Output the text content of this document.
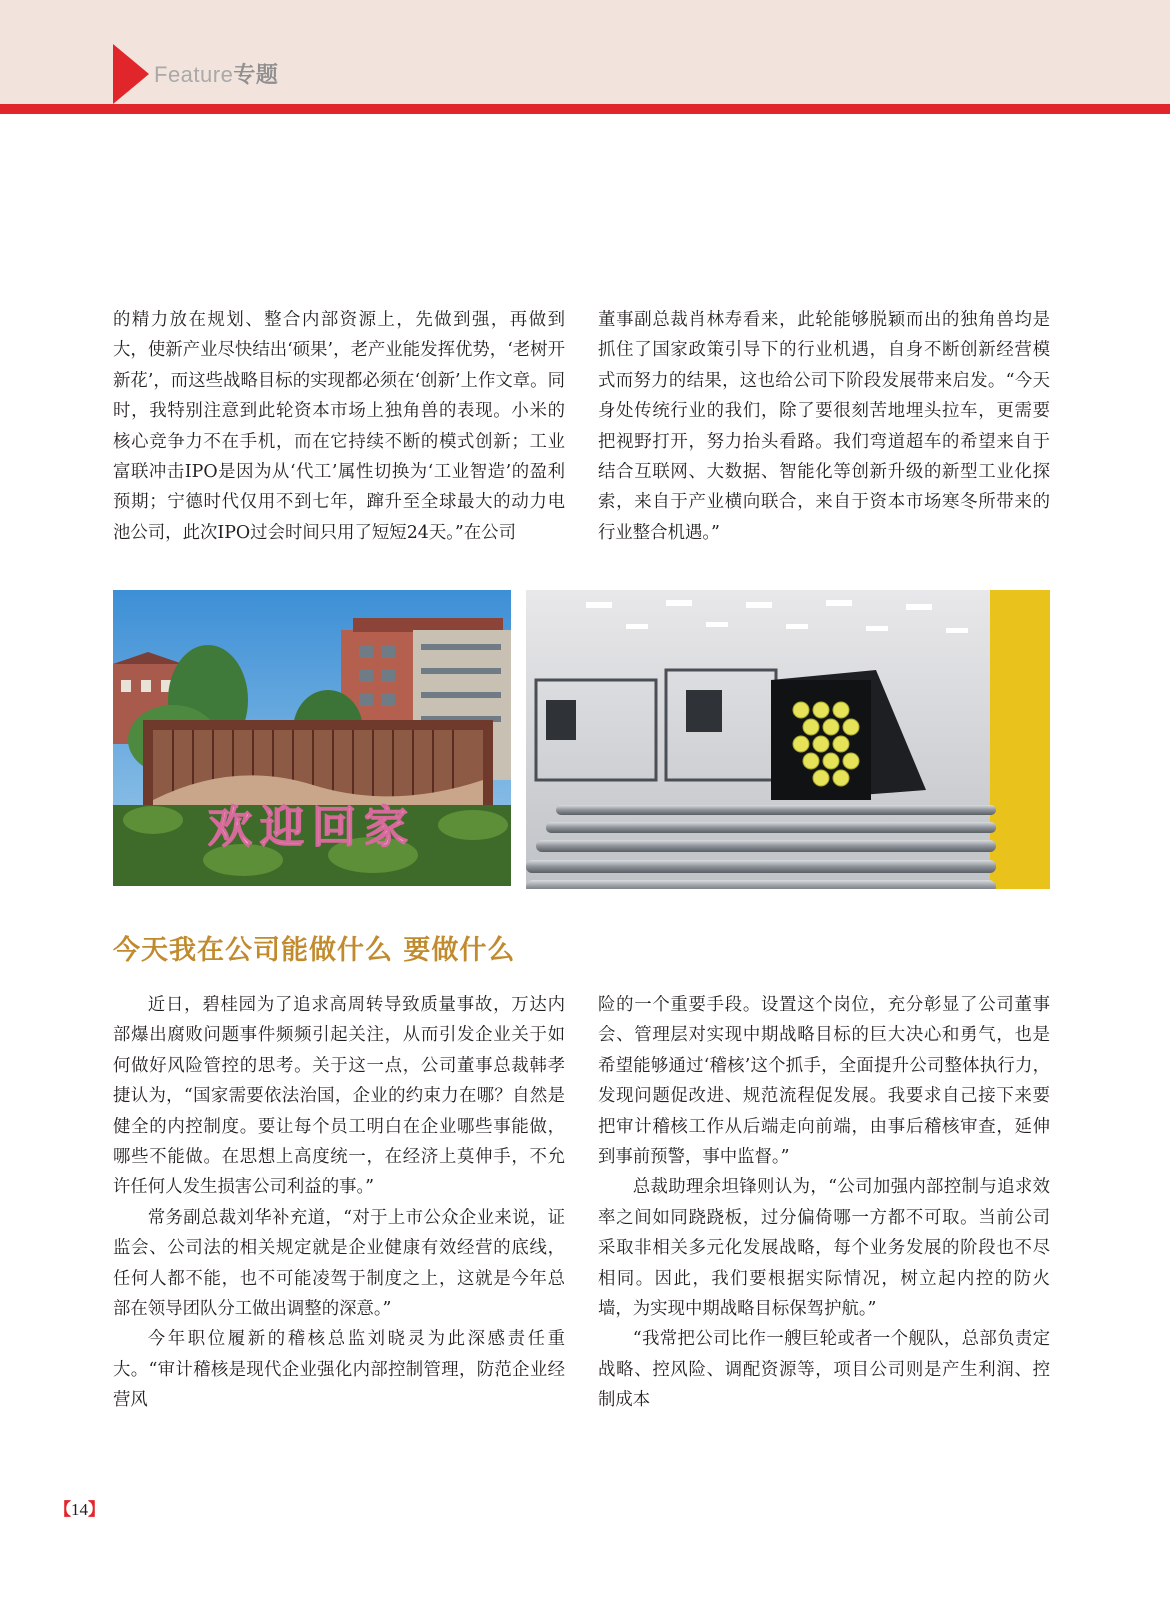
Feature专题

的精力放在规划、整合内部资源上，先做到强，再做到大，使新产业尽快结出‘硕果’，老产业能发挥优势，‘老树开新花’，而这些战略目标的实现都必须在‘创新’上作文章。同时，我特别注意到此轮资本市场上独角兽的表现。小米的核心竞争力不在手机，而在它持续不断的模式创新；工业富联冲击IPO是因为从‘代工’属性切换为‘工业智造’的盈利预期；宁德时代仅用不到七年，蹿升至全球最大的动力电池公司，此次IPO过会时间只用了短短24天。”在公司

董事副总裁肖林寿看来，此轮能够脱颖而出的独角兽均是抓住了国家政策引导下的行业机遇，自身不断创新经营模式而努力的结果，这也给公司下阶段发展带来启发。“今天身处传统行业的我们，除了要很刻苦地埋头拉车，更需要把视野打开，努力抬头看路。我们弯道超车的希望来自于结合互联网、大数据、智能化等创新升级的新型工业化探索，来自于产业横向联合，来自于资本市场寒冬所带来的行业整合机遇。”

欢迎回家
今天我在公司能做什么 要做什么

近日，碧桂园为了追求高周转导致质量事故，万达内部爆出腐败问题事件频频引起关注，从而引发企业关于如何做好风险管控的思考。关于这一点，公司董事总裁韩孝捷认为，“国家需要依法治国，企业的约束力在哪？自然是健全的内控制度。要让每个员工明白在企业哪些事能做，哪些不能做。在思想上高度统一，在经济上莫伸手，不允许任何人发生损害公司利益的事。”

常务副总裁刘华补充道，“对于上市公众企业来说，证监会、公司法的相关规定就是企业健康有效经营的底线，任何人都不能，也不可能凌驾于制度之上，这就是今年总部在领导团队分工做出调整的深意。”

今年职位履新的稽核总监刘晓灵为此深感责任重大。“审计稽核是现代企业强化内部控制管理，防范企业经营风

险的一个重要手段。设置这个岗位，充分彰显了公司董事会、管理层对实现中期战略目标的巨大决心和勇气，也是希望能够通过‘稽核’这个抓手，全面提升公司整体执行力，发现问题促改进、规范流程促发展。我要求自己接下来要把审计稽核工作从后端走向前端，由事后稽核审查，延伸到事前预警，事中监督。”

总裁助理余坦锋则认为，“公司加强内部控制与追求效率之间如同跷跷板，过分偏倚哪一方都不可取。当前公司采取非相关多元化发展战略，每个业务发展的阶段也不尽相同。因此，我们要根据实际情况，树立起内控的防火墙，为实现中期战略目标保驾护航。”

“我常把公司比作一艘巨轮或者一个舰队，总部负责定战略、控风险、调配资源等，项目公司则是产生利润、控制成本

【14】
